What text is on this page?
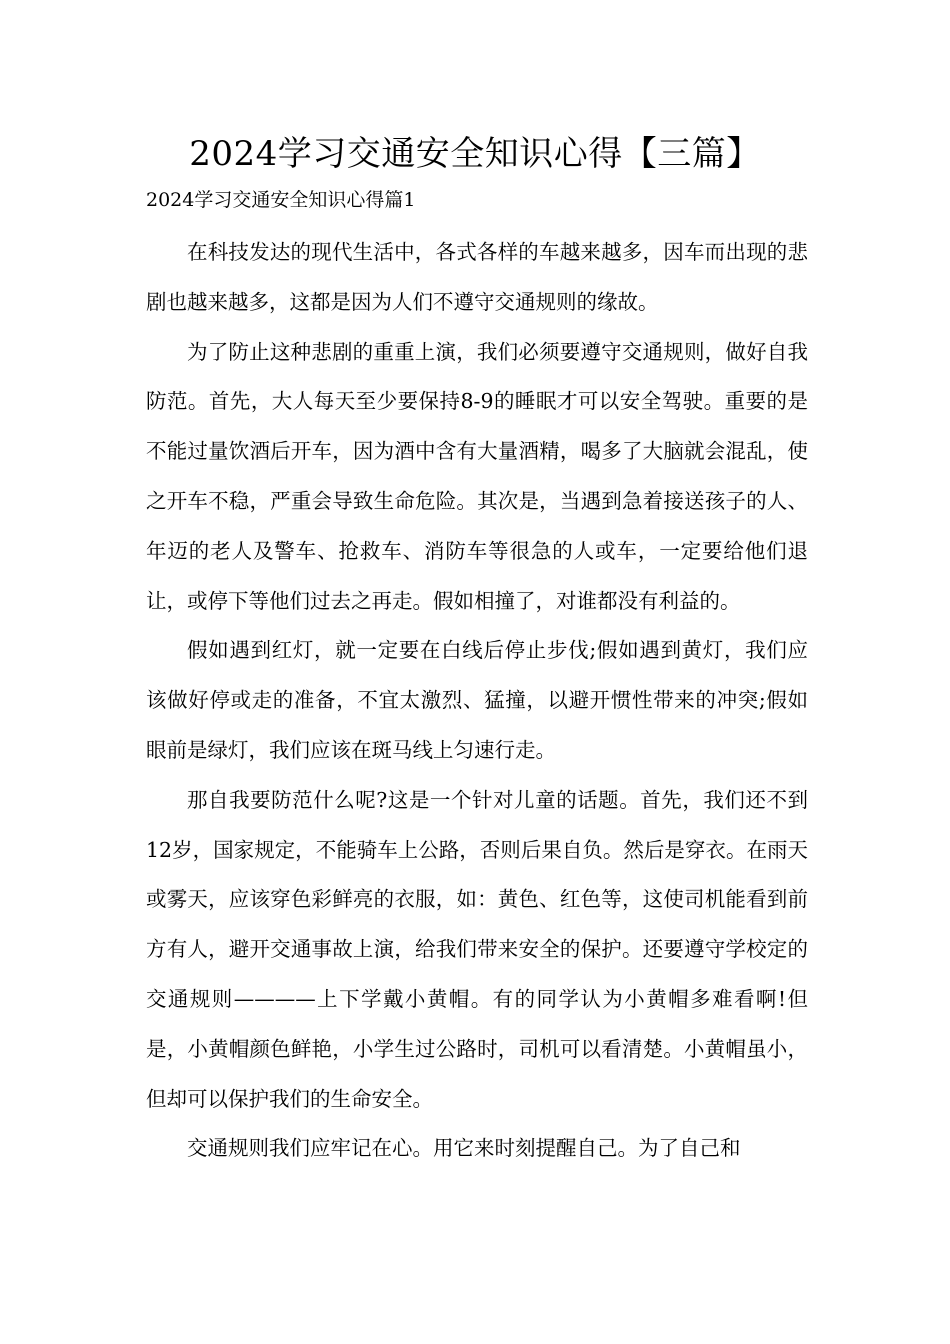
2024学习交通安全知识心得【三篇】
2024学习交通安全知识心得篇1

在科技发达的现代生活中，各式各样的车越来越多，因车而出现的悲剧也越来越多，这都是因为人们不遵守交通规则的缘故。

为了防止这种悲剧的重重上演，我们必须要遵守交通规则，做好自我防范。首先，大人每天至少要保持8-9的睡眠才可以安全驾驶。重要的是不能过量饮酒后开车，因为酒中含有大量酒精，喝多了大脑就会混乱，使之开车不稳，严重会导致生命危险。其次是，当遇到急着接送孩子的人、年迈的老人及警车、抢救车、消防车等很急的人或车，一定要给他们退让，或停下等他们过去之再走。假如相撞了，对谁都没有利益的。

假如遇到红灯，就一定要在白线后停止步伐;假如遇到黄灯，我们应该做好停或走的准备，不宜太激烈、猛撞，以避开惯性带来的冲突;假如眼前是绿灯，我们应该在斑马线上匀速行走。

那自我要防范什么呢?这是一个针对儿童的话题。首先，我们还不到12岁，国家规定，不能骑车上公路，否则后果自负。然后是穿衣。在雨天或雾天，应该穿色彩鲜亮的衣服，如：黄色、红色等，这使司机能看到前方有人，避开交通事故上演，给我们带来安全的保护。还要遵守学校定的交通规则————上下学戴小黄帽。有的同学认为小黄帽多难看啊!但是，小黄帽颜色鲜艳，小学生过公路时，司机可以看清楚。小黄帽虽小，但却可以保护我们的生命安全。

交通规则我们应牢记在心。用它来时刻提醒自己。为了自己和
